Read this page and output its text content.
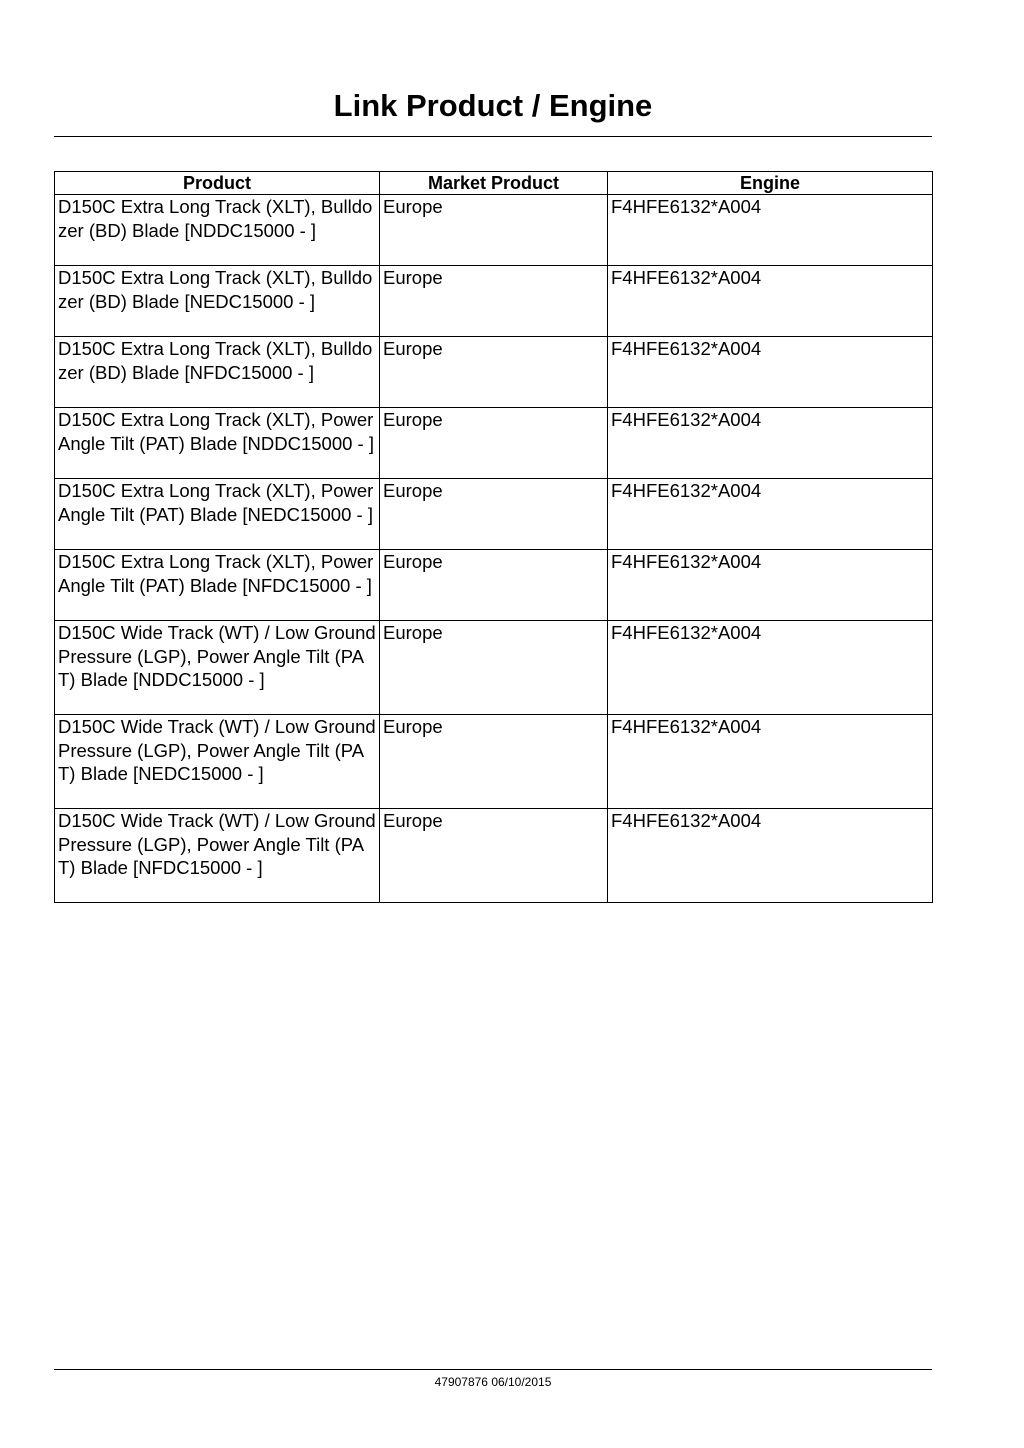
Link Product / Engine
Product	Market Product	Engine
D150C Extra Long Track (XLT), Bulldozer (BD) Blade [NDDC15000 - ]	Europe	F4HFE6132*A004
D150C Extra Long Track (XLT), Bulldozer (BD) Blade [NEDC15000 - ]	Europe	F4HFE6132*A004
D150C Extra Long Track (XLT), Bulldozer (BD) Blade [NFDC15000 - ]	Europe	F4HFE6132*A004
D150C Extra Long Track (XLT), Power Angle Tilt (PAT) Blade [NDDC15000 - ]	Europe	F4HFE6132*A004
D150C Extra Long Track (XLT), Power Angle Tilt (PAT) Blade [NEDC15000 - ]	Europe	F4HFE6132*A004
D150C Extra Long Track (XLT), Power Angle Tilt (PAT) Blade [NFDC15000 - ]	Europe	F4HFE6132*A004
D150C Wide Track (WT) / Low Ground Pressure (LGP), Power Angle Tilt (PAT) Blade [NDDC15000 - ]	Europe	F4HFE6132*A004
D150C Wide Track (WT) / Low Ground Pressure (LGP), Power Angle Tilt (PAT) Blade [NEDC15000 - ]	Europe	F4HFE6132*A004
D150C Wide Track (WT) / Low Ground Pressure (LGP), Power Angle Tilt (PAT) Blade [NFDC15000 - ]	Europe	F4HFE6132*A004
47907876 06/10/2015
